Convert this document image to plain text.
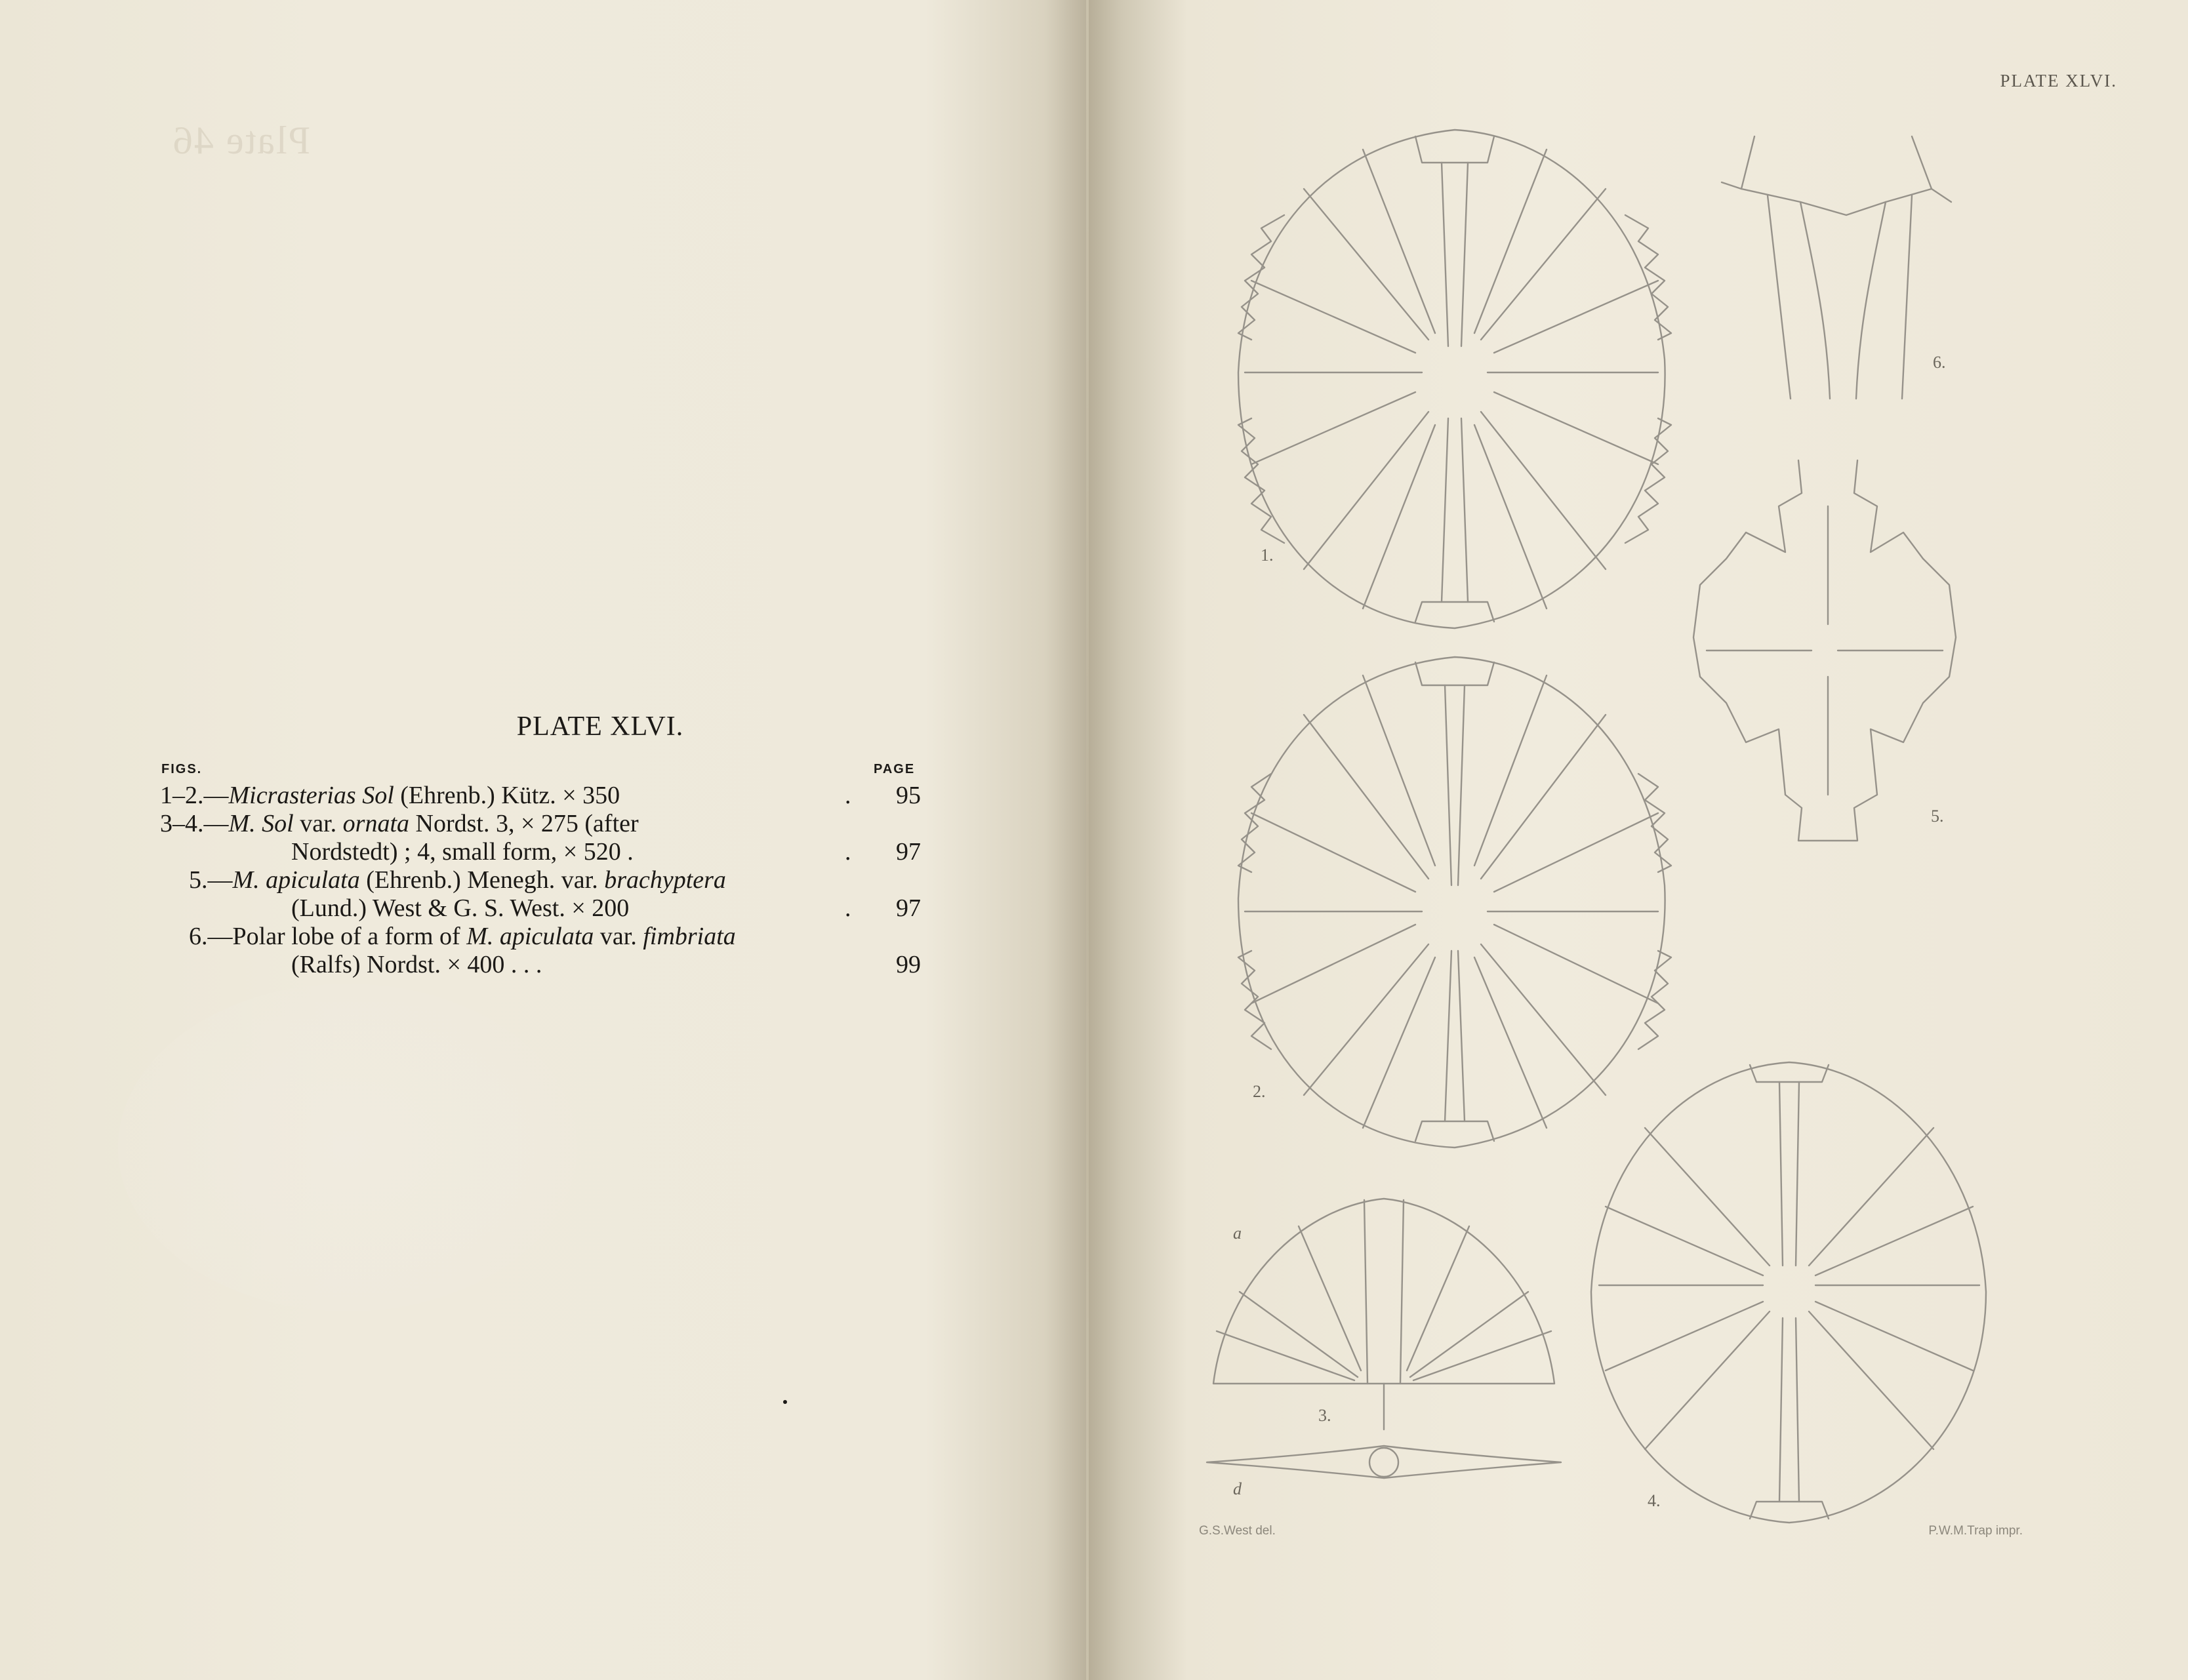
Plate 46
PLATE XLVI.
FIGS.	PAGE
1–2.—Micrasterias Sol (Ehrenb.) Kütz. × 350	. 95
3–4.—M. Sol var. ornata Nordst. 3, × 275 (after
Nordstedt) ; 4, small form, × 520 .	. 97
5.—M. apiculata (Ehrenb.) Menegh. var. brachyptera
(Lund.) West & G. S. West. × 200	. 97
6.—Polar lobe of a form of M. apiculata var. fimbriata
(Ralfs) Nordst. × 400 . . .	99
PLATE XLVI.
1.
2.
3.
4.
5.
6.
a
d
G.S.West del.	P.W.M.Trap impr.
